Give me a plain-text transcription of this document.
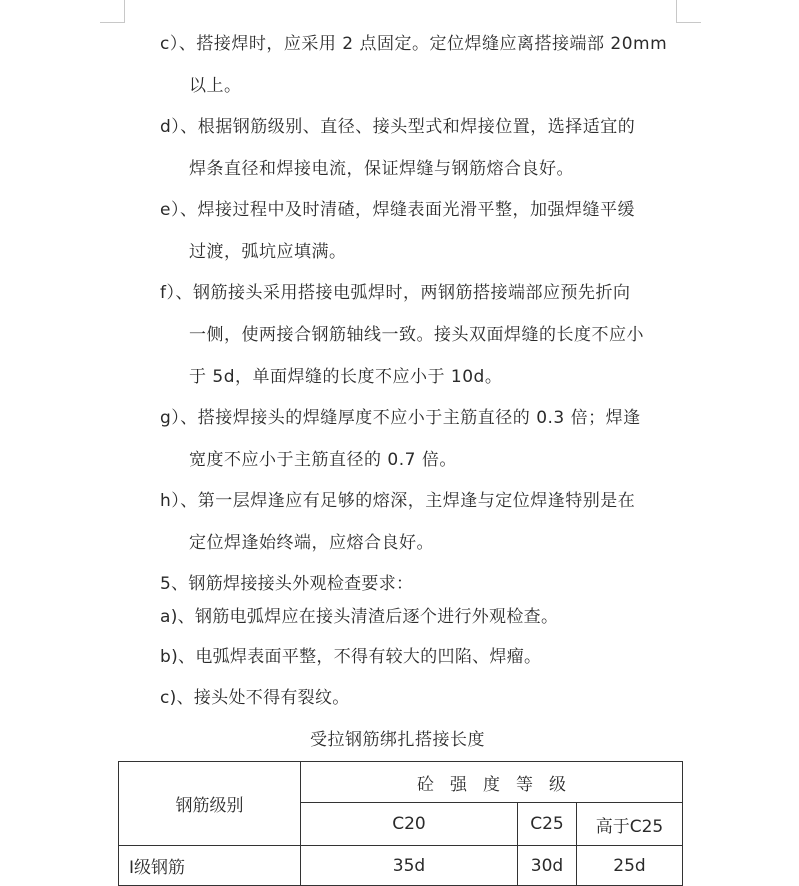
c）、搭接焊时，应采用 2 点固定。定位焊缝应离搭接端部 20mm
以上。
d）、根据钢筋级别、直径、接头型式和焊接位置，选择适宜的
焊条直径和焊接电流，保证焊缝与钢筋熔合良好。
e）、焊接过程中及时清碴，焊缝表面光滑平整，加强焊缝平缓
过渡，弧坑应填满。
f）、钢筋接头采用搭接电弧焊时，两钢筋搭接端部应预先折向
一侧，使两接合钢筋轴线一致。接头双面焊缝的长度不应小
于 5d，单面焊缝的长度不应小于 10d。
g）、搭接焊接头的焊缝厚度不应小于主筋直径的 0.3 倍；焊逢
宽度不应小于主筋直径的 0.7 倍。
h）、第一层焊逢应有足够的熔深，主焊逢与定位焊逢特别是在
定位焊逢始终端，应熔合良好。
5、钢筋焊接接头外观检查要求：
a)、钢筋电弧焊应在接头清渣后逐个进行外观检查。
b)、电弧焊表面平整，不得有较大的凹陷、焊瘤。
c)、接头处不得有裂纹。
受拉钢筋绑扎搭接长度
钢筋级别	砼强度等级		
	C20	C25	高于C25
Ⅰ级钢筋	35d	30d	25d
